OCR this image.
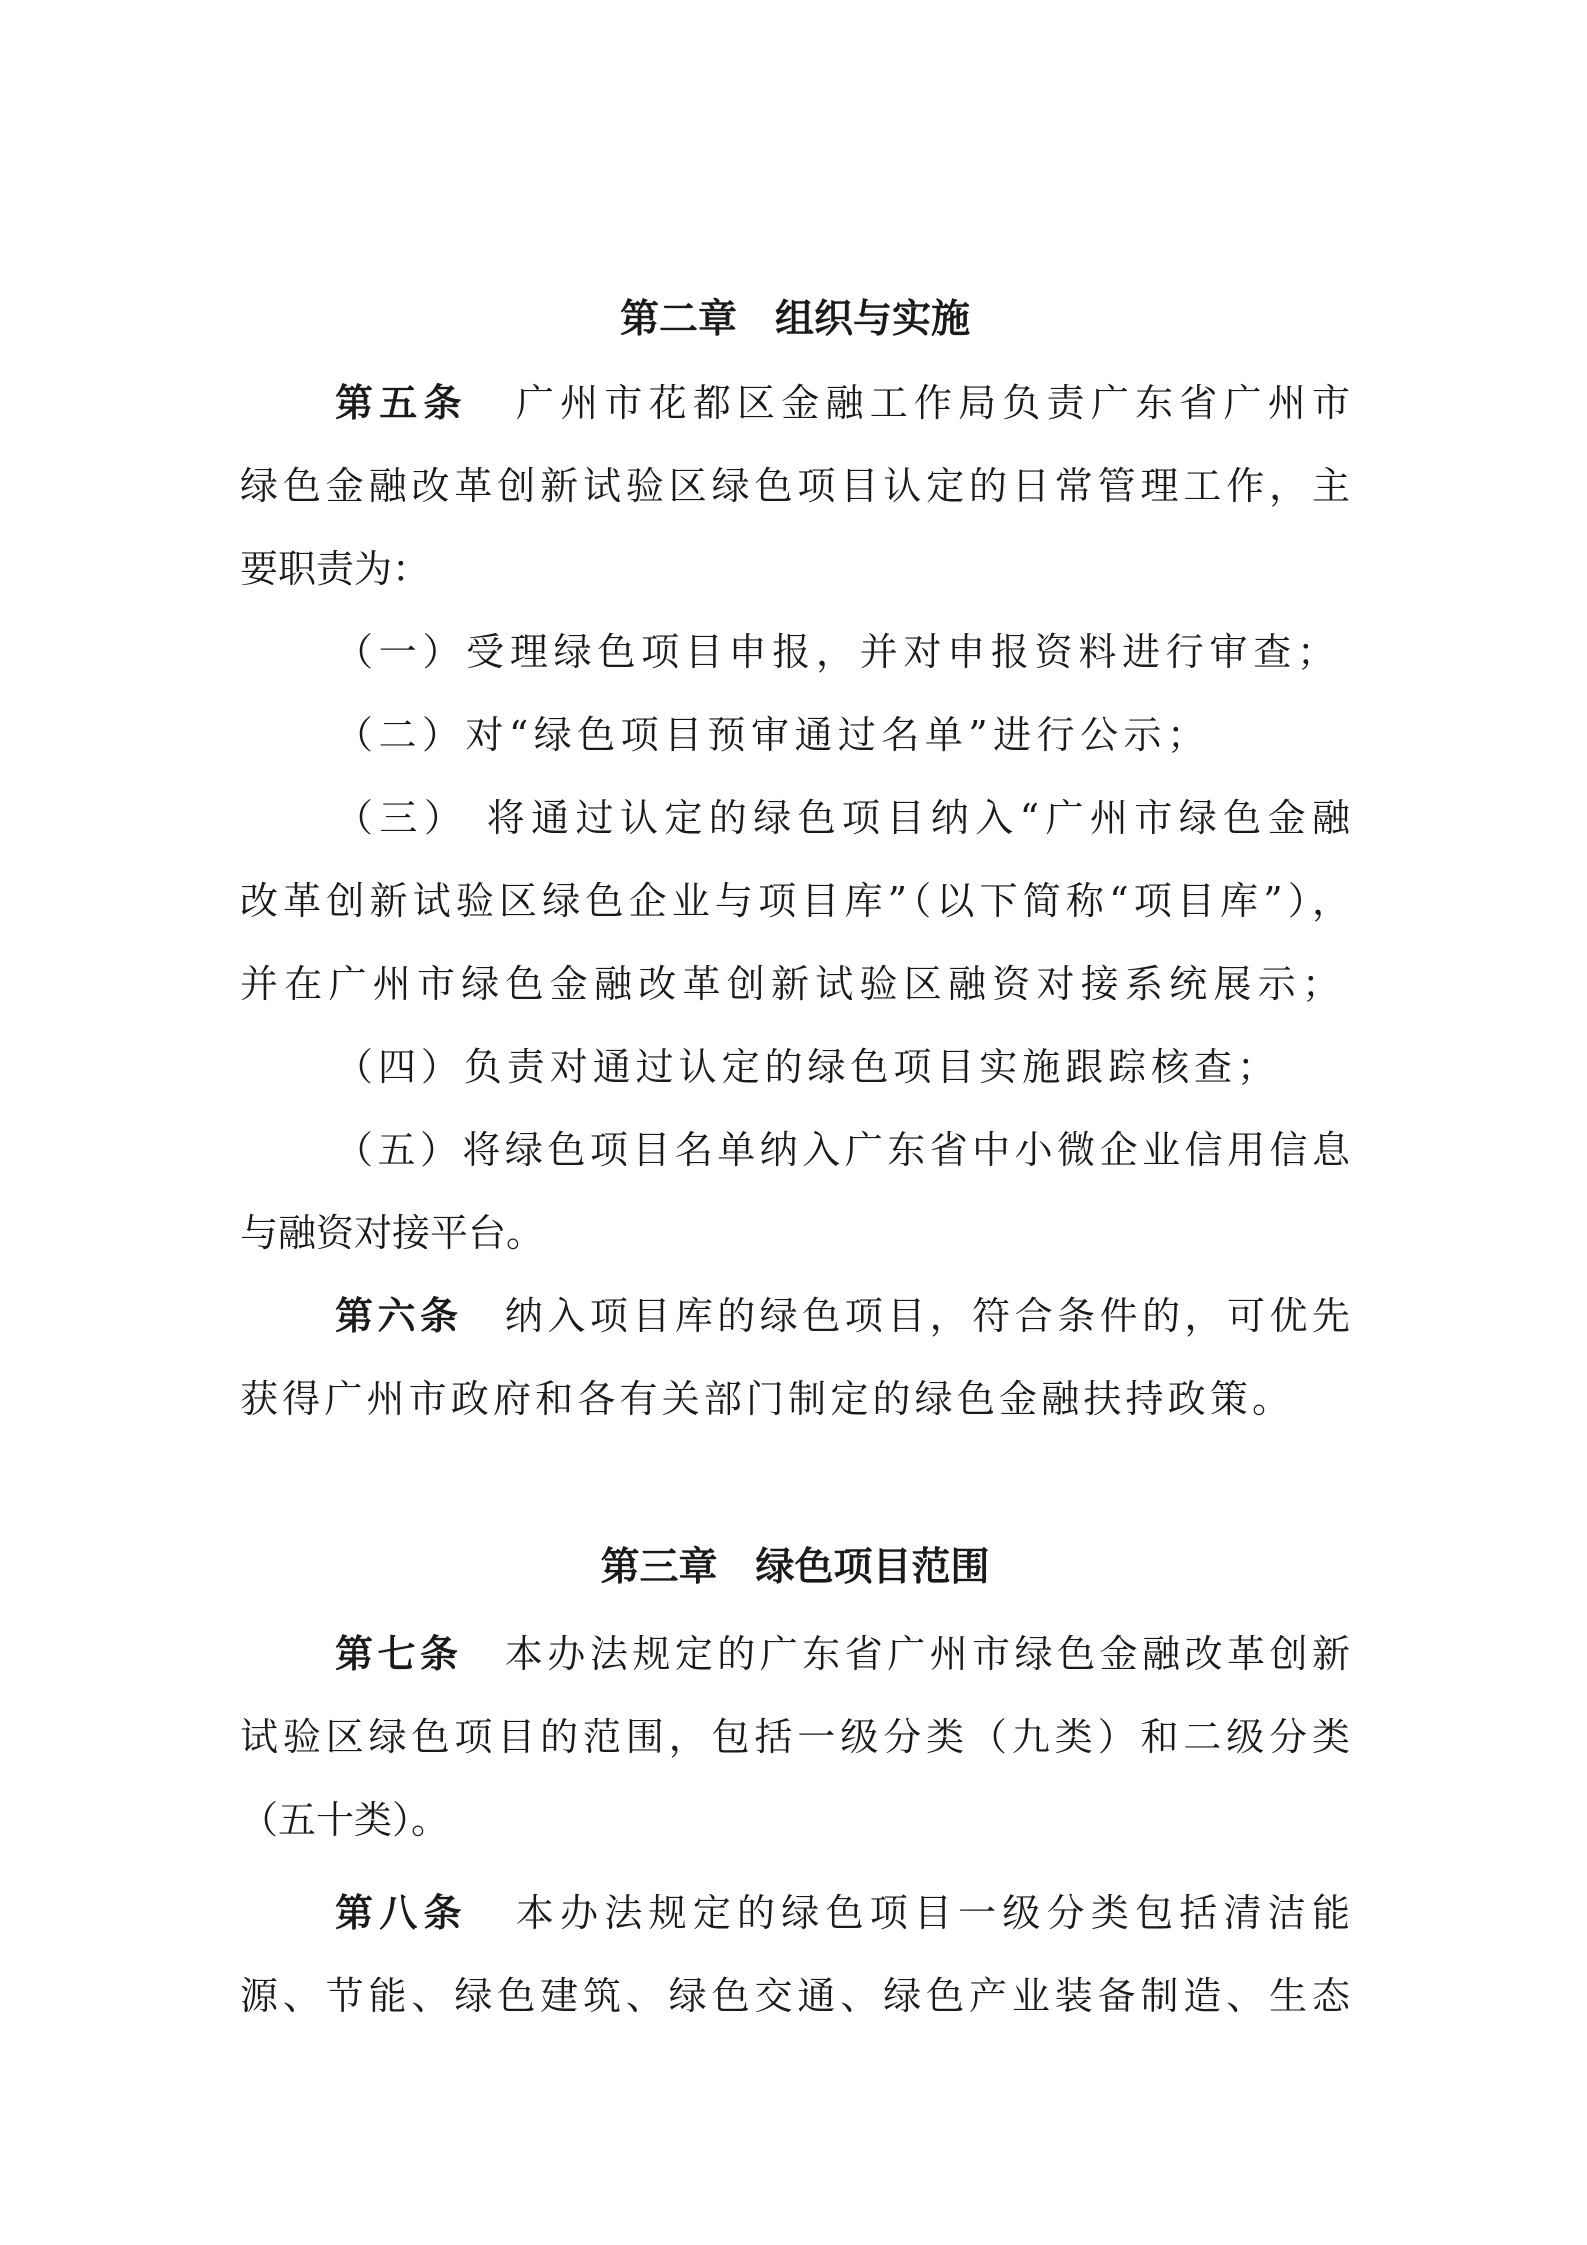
第二章 组织与实施
第五条 广州市花都区金融工作局负责广东省广州市
绿色金融改革创新试验区绿色项目认定的日常管理工作，主
要职责为：
（一）受理绿色项目申报，并对申报资料进行审查；
（二）对“绿色项目预审通过名单”进行公示；
（三） 将通过认定的绿色项目纳入“广州市绿色金融
改革创新试验区绿色企业与项目库”（以下简称“项目库”），
并在广州市绿色金融改革创新试验区融资对接系统展示；
（四）负责对通过认定的绿色项目实施跟踪核查；
（五）将绿色项目名单纳入广东省中小微企业信用信息
与融资对接平台。
第六条 纳入项目库的绿色项目，符合条件的，可优先
获得广州市政府和各有关部门制定的绿色金融扶持政策。
第三章 绿色项目范围
第七条 本办法规定的广东省广州市绿色金融改革创新
试验区绿色项目的范围，包括一级分类（九类）和二级分类
（五十类）。
第八条 本办法规定的绿色项目一级分类包括清洁能
源、节能、绿色建筑、绿色交通、绿色产业装备制造、生态
